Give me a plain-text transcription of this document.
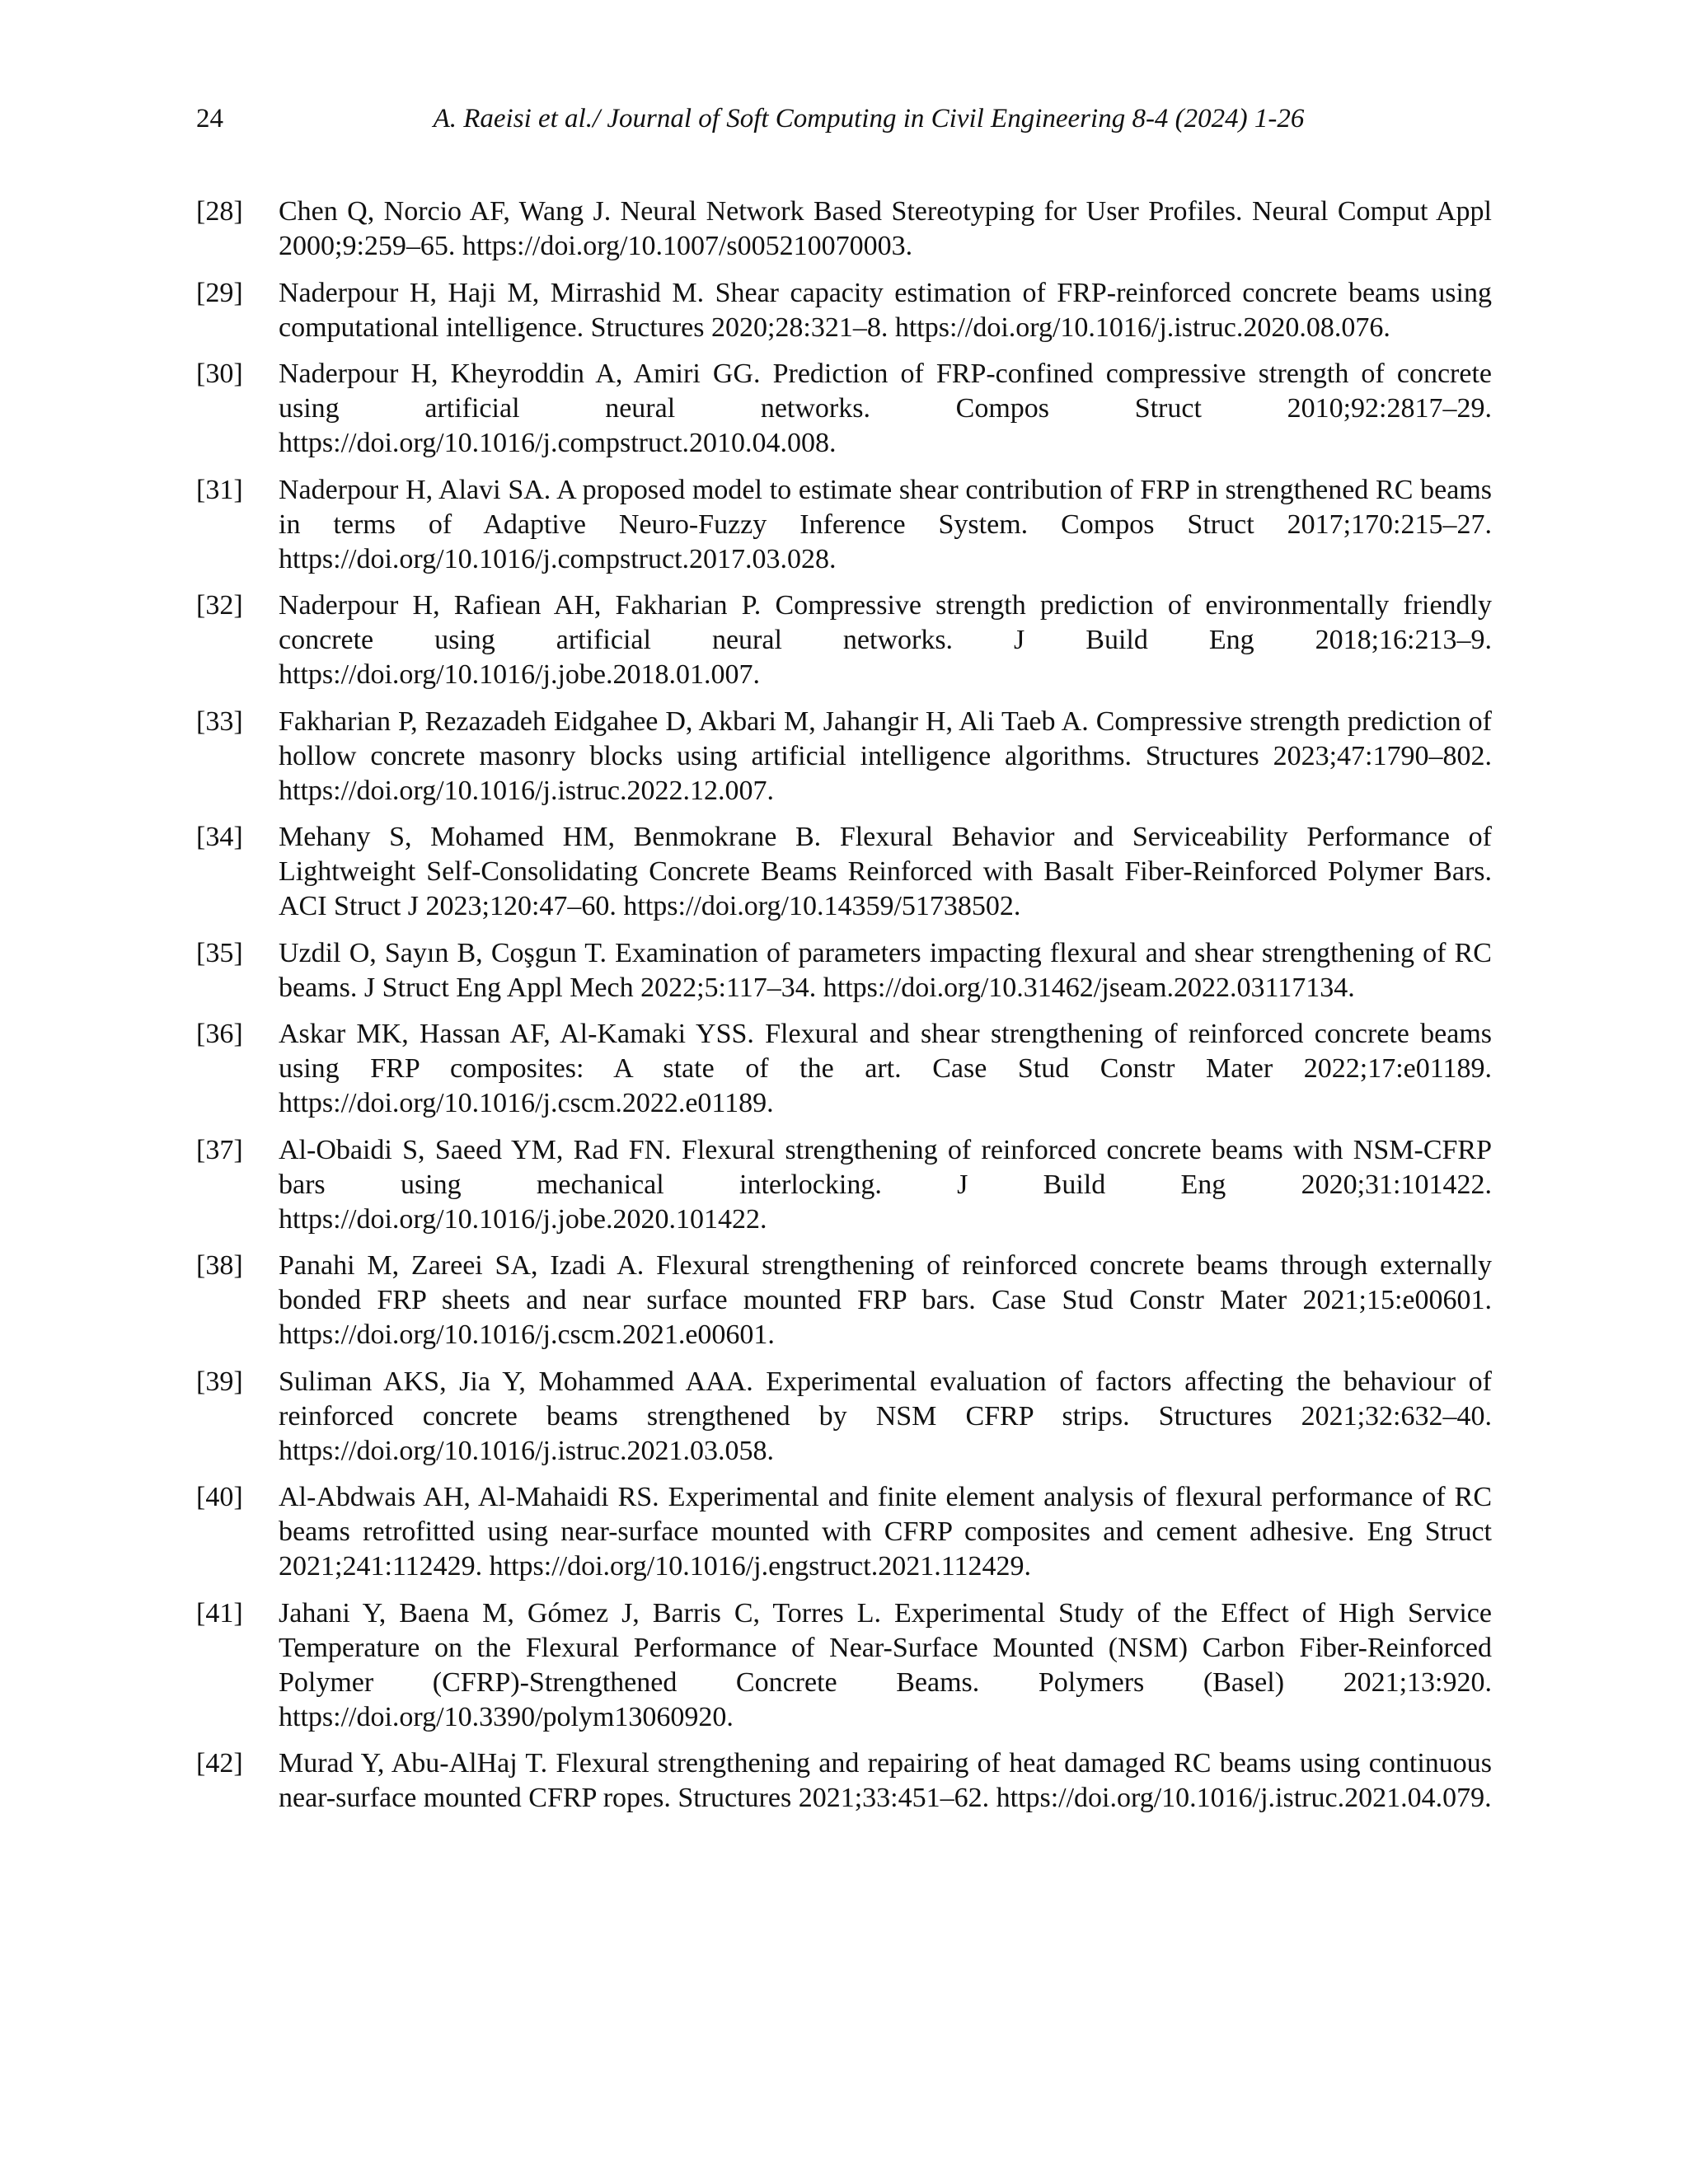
24	A. Raeisi et al./ Journal of Soft Computing in Civil Engineering 8-4 (2024) 1-26
[28]	Chen Q, Norcio AF, Wang J. Neural Network Based Stereotyping for User Profiles. Neural Comput Appl 2000;9:259–65. https://doi.org/10.1007/s005210070003.
[29]	Naderpour H, Haji M, Mirrashid M. Shear capacity estimation of FRP-reinforced concrete beams using computational intelligence. Structures 2020;28:321–8. https://doi.org/10.1016/j.istruc.2020.08.076.
[30]	Naderpour H, Kheyroddin A, Amiri GG. Prediction of FRP-confined compressive strength of concrete using artificial neural networks. Compos Struct 2010;92:2817–29. https://doi.org/10.1016/j.compstruct.2010.04.008.
[31]	Naderpour H, Alavi SA. A proposed model to estimate shear contribution of FRP in strengthened RC beams in terms of Adaptive Neuro-Fuzzy Inference System. Compos Struct 2017;170:215–27. https://doi.org/10.1016/j.compstruct.2017.03.028.
[32]	Naderpour H, Rafiean AH, Fakharian P. Compressive strength prediction of environmentally friendly concrete using artificial neural networks. J Build Eng 2018;16:213–9. https://doi.org/10.1016/j.jobe.2018.01.007.
[33]	Fakharian P, Rezazadeh Eidgahee D, Akbari M, Jahangir H, Ali Taeb A. Compressive strength prediction of hollow concrete masonry blocks using artificial intelligence algorithms. Structures 2023;47:1790–802. https://doi.org/10.1016/j.istruc.2022.12.007.
[34]	Mehany S, Mohamed HM, Benmokrane B. Flexural Behavior and Serviceability Performance of Lightweight Self-Consolidating Concrete Beams Reinforced with Basalt Fiber-Reinforced Polymer Bars. ACI Struct J 2023;120:47–60. https://doi.org/10.14359/51738502.
[35]	Uzdil O, Sayın B, Coşgun T. Examination of parameters impacting flexural and shear strengthening of RC beams. J Struct Eng Appl Mech 2022;5:117–34. https://doi.org/10.31462/jseam.2022.03117134.
[36]	Askar MK, Hassan AF, Al-Kamaki YSS. Flexural and shear strengthening of reinforced concrete beams using FRP composites: A state of the art. Case Stud Constr Mater 2022;17:e01189. https://doi.org/10.1016/j.cscm.2022.e01189.
[37]	Al-Obaidi S, Saeed YM, Rad FN. Flexural strengthening of reinforced concrete beams with NSM-CFRP bars using mechanical interlocking. J Build Eng 2020;31:101422. https://doi.org/10.1016/j.jobe.2020.101422.
[38]	Panahi M, Zareei SA, Izadi A. Flexural strengthening of reinforced concrete beams through externally bonded FRP sheets and near surface mounted FRP bars. Case Stud Constr Mater 2021;15:e00601. https://doi.org/10.1016/j.cscm.2021.e00601.
[39]	Suliman AKS, Jia Y, Mohammed AAA. Experimental evaluation of factors affecting the behaviour of reinforced concrete beams strengthened by NSM CFRP strips. Structures 2021;32:632–40. https://doi.org/10.1016/j.istruc.2021.03.058.
[40]	Al-Abdwais AH, Al-Mahaidi RS. Experimental and finite element analysis of flexural performance of RC beams retrofitted using near-surface mounted with CFRP composites and cement adhesive. Eng Struct 2021;241:112429. https://doi.org/10.1016/j.engstruct.2021.112429.
[41]	Jahani Y, Baena M, Gómez J, Barris C, Torres L. Experimental Study of the Effect of High Service Temperature on the Flexural Performance of Near-Surface Mounted (NSM) Carbon Fiber-Reinforced Polymer (CFRP)-Strengthened Concrete Beams. Polymers (Basel) 2021;13:920. https://doi.org/10.3390/polym13060920.
[42]	Murad Y, Abu-AlHaj T. Flexural strengthening and repairing of heat damaged RC beams using continuous near-surface mounted CFRP ropes. Structures 2021;33:451–62. https://doi.org/10.1016/j.istruc.2021.04.079.
